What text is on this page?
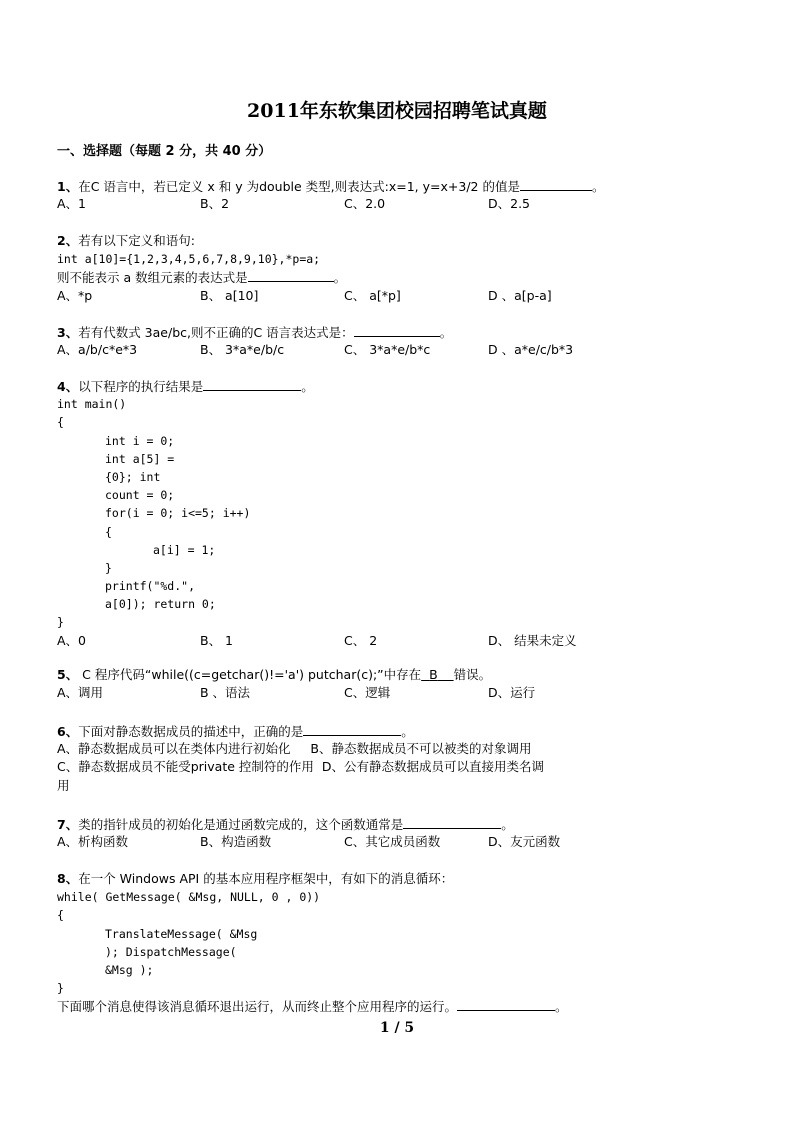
2011年东软集团校园招聘笔试真题
一、选择题（每题 2 分，共 40 分）
1、在C 语言中，若已定义 x 和 y 为double 类型,则表达式:x=1, y=x+3/2 的值是	。
A、1	B、2	C、2.0	D、2.5
2、若有以下定义和语句:
int a[10]={1,2,3,4,5,6,7,8,9,10},*p=a;
则不能表示 a 数组元素的表达式是	。
A、*p	B、 a[10]	C、 a[*p]	D 、a[p-a]
3、若有代数式 3ae/bc,则不正确的C 语言表达式是：	。
A、a/b/c*e*3	B、 3*a*e/b/c	C、 3*a*e/b*c	D 、a*e/c/b*3
4、以下程序的执行结果是	。
int main()
{
int i = 0;
int a[5] =
{0}; int
count = 0;
for(i = 0; i<=5; i++)
{
a[i] = 1;
}
printf("%d.",
a[0]); return 0;
}
A、0	B、 1	C、 2	D、 结果未定义
5、 C 程序代码“while((c=getchar()!='a') putchar(c);”中存在 B 错误。
A、调用	B 、语法	C、逻辑	D、运行
6、下面对静态数据成员的描述中，正确的是	。
A、静态数据成员可以在类体内进行初始化     B、静态数据成员不可以被类的对象调用
C、静态数据成员不能受private 控制符的作用  D、公有静态数据成员可以直接用类名调
用
7、类的指针成员的初始化是通过函数完成的，这个函数通常是	。
A、析构函数	B、构造函数	C、其它成员函数	D、友元函数
8、在一个 Windows API 的基本应用程序框架中，有如下的消息循环：
while( GetMessage( &Msg, NULL, 0 , 0))
{
TranslateMessage( &Msg
); DispatchMessage(
&Msg );
}
下面哪个消息使得该消息循环退出运行，从而终止整个应用程序的运行。	。
1 / 5
